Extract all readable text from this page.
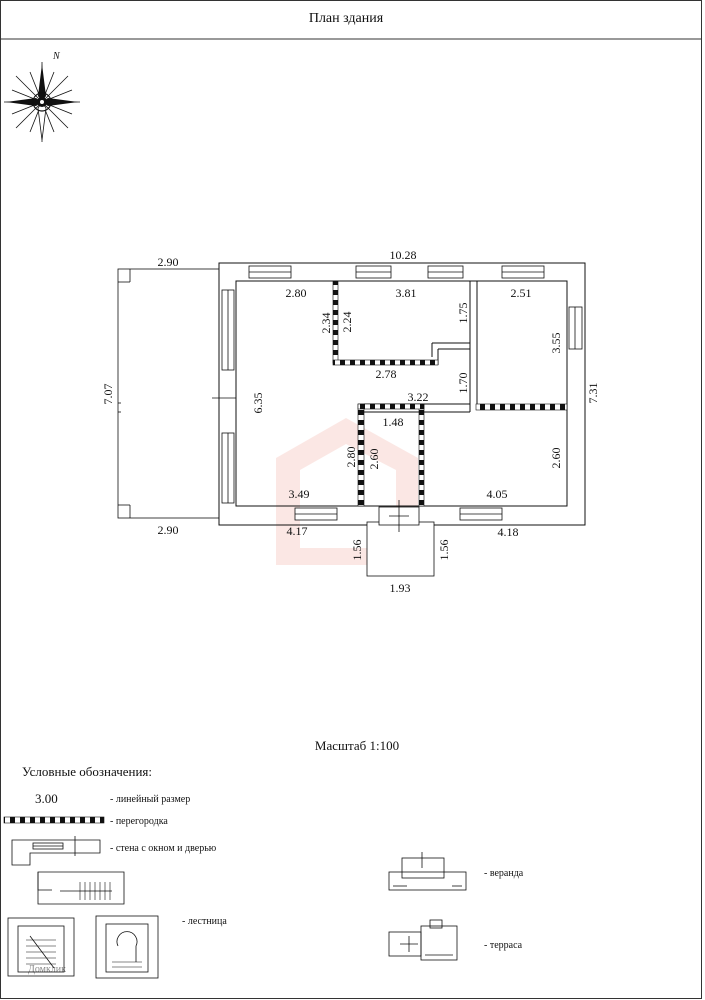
План здания
N
10.28
2.90
2.90
7.07
2.80	3.81	2.51
6.35
2.34 2.24	1.75
2.78	1.70
3.55
7.31
3.22
1.48
2.80 2.60	2.60
3.49	4.05
4.17	4.18
1.56	1.56
1.93
Масштаб 1:100
Условные обозначения:
3.00	- линейный размер
- перегородка
- стена с окном и дверью
- лестница
- веранда
- терраса
Домклик
